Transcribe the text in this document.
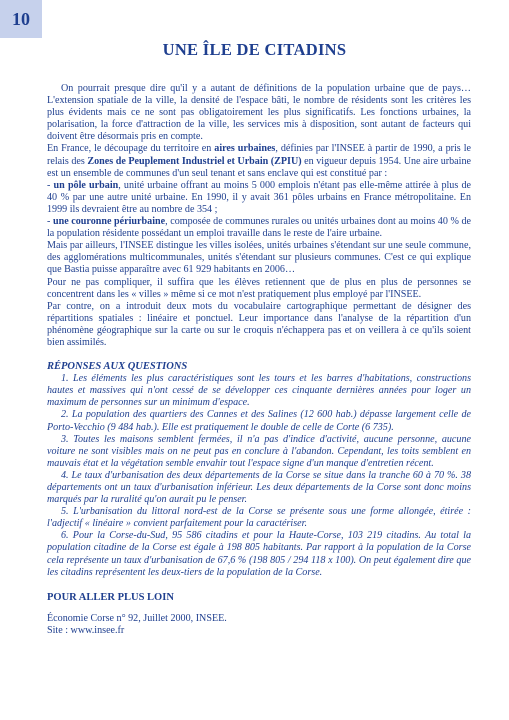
10
UNE ÎLE DE CITADINS

On pourrait presque dire qu'il y a autant de définitions de la population urbaine que de pays… L'extension spatiale de la ville, la densité de l'espace bâti, le nombre de résidents sont les critères les plus évidents mais ce ne sont pas obligatoirement les plus significatifs. Les fonctions urbaines, la polarisation, la force d'attraction de la ville, les services mis à disposition, sont autant de facteurs qui doivent être désormais pris en compte.

En France, le découpage du territoire en aires urbaines, définies par l'INSEE à partir de 1990, a pris le relais des Zones de Peuplement Industriel et Urbain (ZPIU) en vigueur depuis 1954. Une aire urbaine est un ensemble de communes d'un seul tenant et sans enclave qui est constitué par :

- un pôle urbain, unité urbaine offrant au moins 5 000 emplois n'étant pas elle-même attirée à plus de 40 % par une autre unité urbaine. En 1990, il y avait 361 pôles urbains en France métropolitaine. En 1999 ils devraient être au nombre de 354 ;

- une couronne périurbaine, composée de communes rurales ou unités urbaines dont au moins 40 % de la population résidente possédant un emploi travaille dans le reste de l'aire urbaine.

Mais par ailleurs, l'INSEE distingue les villes isolées, unités urbaines s'étendant sur une seule commune, des agglomérations multicommunales, unités s'étendant sur plusieurs communes. C'est ce qui explique que Bastia puisse apparaître avec 61 929 habitants en 2006…

Pour ne pas compliquer, il suffira que les élèves retiennent que de plus en plus de personnes se concentrent dans les « villes » même si ce mot n'est pratiquement plus employé par l'INSEE.

Par contre, on a introduit deux mots du vocabulaire cartographique permettant de désigner des répartitions spatiales : linéaire et ponctuel. Leur importance dans l'analyse de la répartition d'un phénomène géographique sur la carte ou sur le croquis n'échappera pas et on veillera à ce qu'ils soient bien assimilés.

RÉPONSES AUX QUESTIONS

1. Les éléments les plus caractéristiques sont les tours et les barres d'habitations, constructions hautes et massives qui n'ont cessé de se développer ces cinquante dernières années pour loger un maximum de personnes sur un minimum d'espace.

2. La population des quartiers des Cannes et des Salines (12 600 hab.) dépasse largement celle de Porto-Vecchio (9 484 hab.). Elle est pratiquement le double de celle de Corte (6 735).

3. Toutes les maisons semblent fermées, il n'a pas d'indice d'activité, aucune personne, aucune voiture ne sont visibles mais on ne peut pas en conclure à l'abandon. Cependant, les toits semblent en mauvais état et la végétation semble envahir tout l'espace signe d'un manque d'entretien récent.

4. Le taux d'urbanisation des deux départements de la Corse se situe dans la tranche 60 à 70 %. 38 départements ont un taux d'urbanisation inférieur. Les deux départements de la Corse sont donc moins marqués par la ruralité qu'on aurait pu le penser.

5. L'urbanisation du littoral nord-est de la Corse se présente sous une forme allongée, étirée : l'adjectif « linéaire » convient parfaitement pour la caractériser.

6. Pour la Corse-du-Sud, 95 586 citadins et pour la Haute-Corse, 103 219 citadins. Au total la population citadine de la Corse est égale à 198 805 habitants. Par rapport à la population de la Corse cela représente un taux d'urbanisation de 67,6 % (198 805 / 294 118 x 100). On peut également dire que les citadins représentent les deux-tiers de la population de la Corse.

POUR ALLER PLUS LOIN
Économie Corse n° 92, Juillet 2000, INSEE.
Site : www.insee.fr
